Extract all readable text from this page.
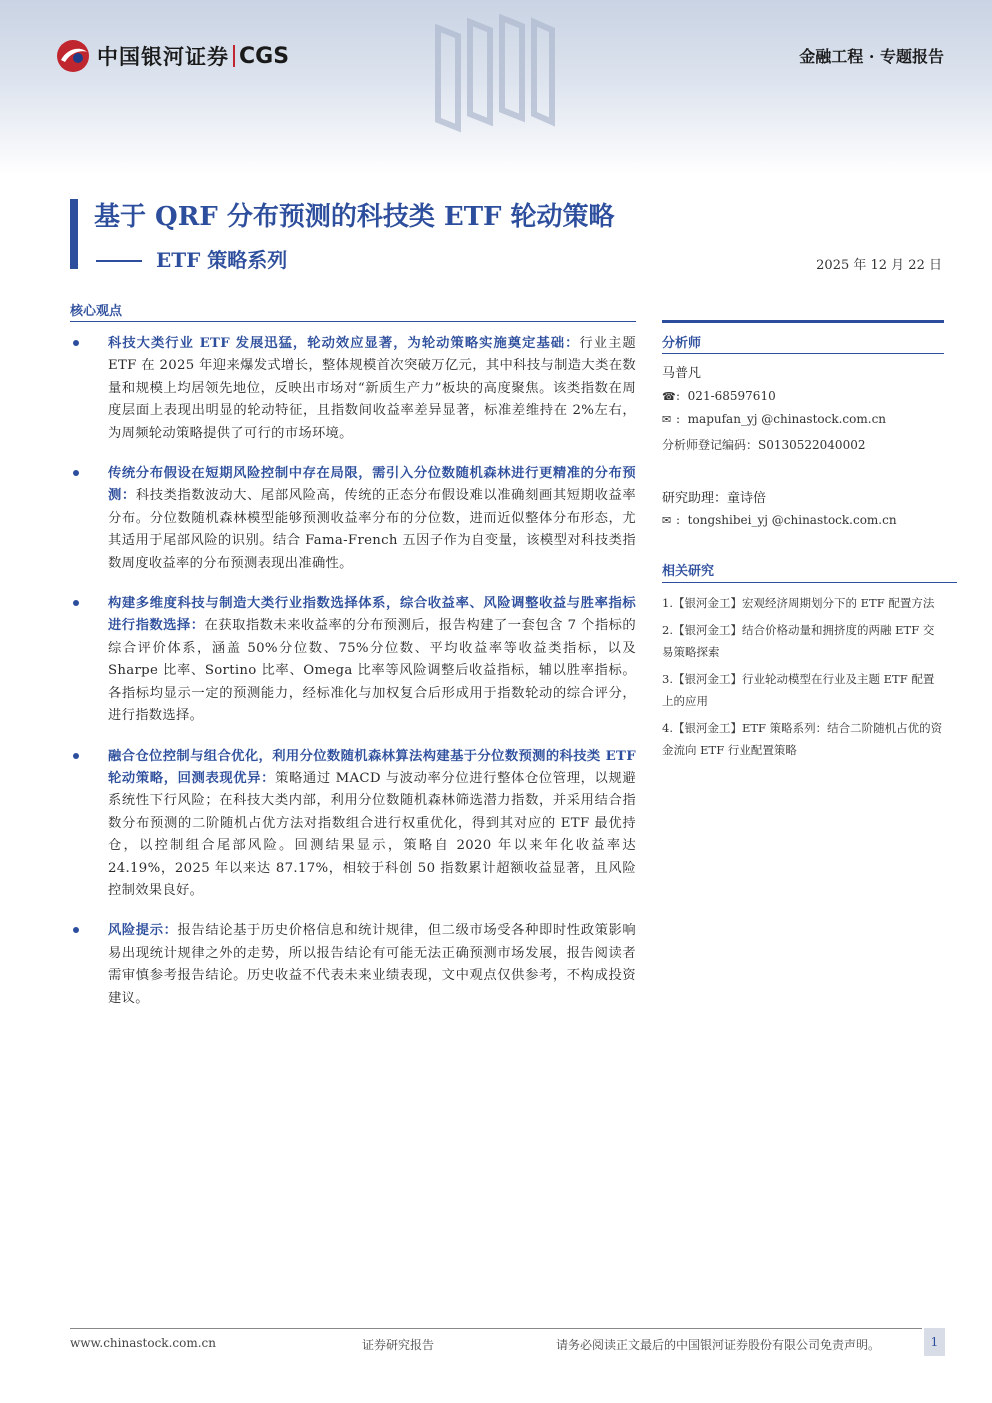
中国银河证券 CGS	金融工程 · 专题报告
基于 QRF 分布预测的科技类 ETF 轮动策略
ETF 策略系列	2025 年 12 月 22 日
核心观点

科技大类行业 ETF 发展迅猛，轮动效应显著，为轮动策略实施奠定基础：行业主题 ETF 在 2025 年迎来爆发式增长，整体规模首次突破万亿元，其中科技与制造大类在数量和规模上均居领先地位，反映出市场对“新质生产力”板块的高度聚焦。该类指数在周度层面上表现出明显的轮动特征，且指数间收益率差异显著，标准差维持在 2%左右，为周频轮动策略提供了可行的市场环境。

传统分布假设在短期风险控制中存在局限，需引入分位数随机森林进行更精准的分布预测：科技类指数波动大、尾部风险高，传统的正态分布假设难以准确刻画其短期收益率分布。分位数随机森林模型能够预测收益率分布的分位数，进而近似整体分布形态，尤其适用于尾部风险的识别。结合 Fama-French 五因子作为自变量，该模型对科技类指数周度收益率的分布预测表现出准确性。

构建多维度科技与制造大类行业指数选择体系，综合收益率、风险调整收益与胜率指标进行指数选择：在获取指数未来收益率的分布预测后，报告构建了一套包含 7 个指标的综合评价体系，涵盖 50%分位数、75%分位数、平均收益率等收益类指标，以及 Sharpe 比率、Sortino 比率、Omega 比率等风险调整后收益指标，辅以胜率指标。各指标均显示一定的预测能力，经标准化与加权复合后形成用于指数轮动的综合评分，进行指数选择。

融合仓位控制与组合优化，利用分位数随机森林算法构建基于分位数预测的科技类 ETF 轮动策略，回测表现优异：策略通过 MACD 与波动率分位进行整体仓位管理，以规避系统性下行风险；在科技大类内部，利用分位数随机森林筛选潜力指数，并采用结合指数分布预测的二阶随机占优方法对指数组合进行权重优化，得到其对应的 ETF 最优持仓，以控制组合尾部风险。回测结果显示，策略自 2020 年以来年化收益率达 24.19%，2025 年以来达 87.17%，相较于科创 50 指数累计超额收益显著，且风险控制效果良好。

风险提示：报告结论基于历史价格信息和统计规律，但二级市场受各种即时性政策影响易出现统计规律之外的走势，所以报告结论有可能无法正确预测市场发展，报告阅读者需审慎参考报告结论。历史收益不代表未来业绩表现，文中观点仅供参考，不构成投资建议。

分析师
马普凡
☎:  021-68597610
✉ :  mapufan_yj @chinastock.com.cn
分析师登记编码：S0130522040002
研究助理：童诗倍
✉ :  tongshibei_yj @chinastock.com.cn
相关研究
1.【银河金工】宏观经济周期划分下的 ETF 配置方法
2.【银河金工】结合价格动量和拥挤度的两融 ETF 交易策略探索
3.【银河金工】行业轮动模型在行业及主题 ETF 配置上的应用
4.【银河金工】ETF 策略系列：结合二阶随机占优的资金流向 ETF 行业配置策略
www.chinastock.com.cn	证券研究报告	请务必阅读正文最后的中国银河证券股份有限公司免责声明。	1
